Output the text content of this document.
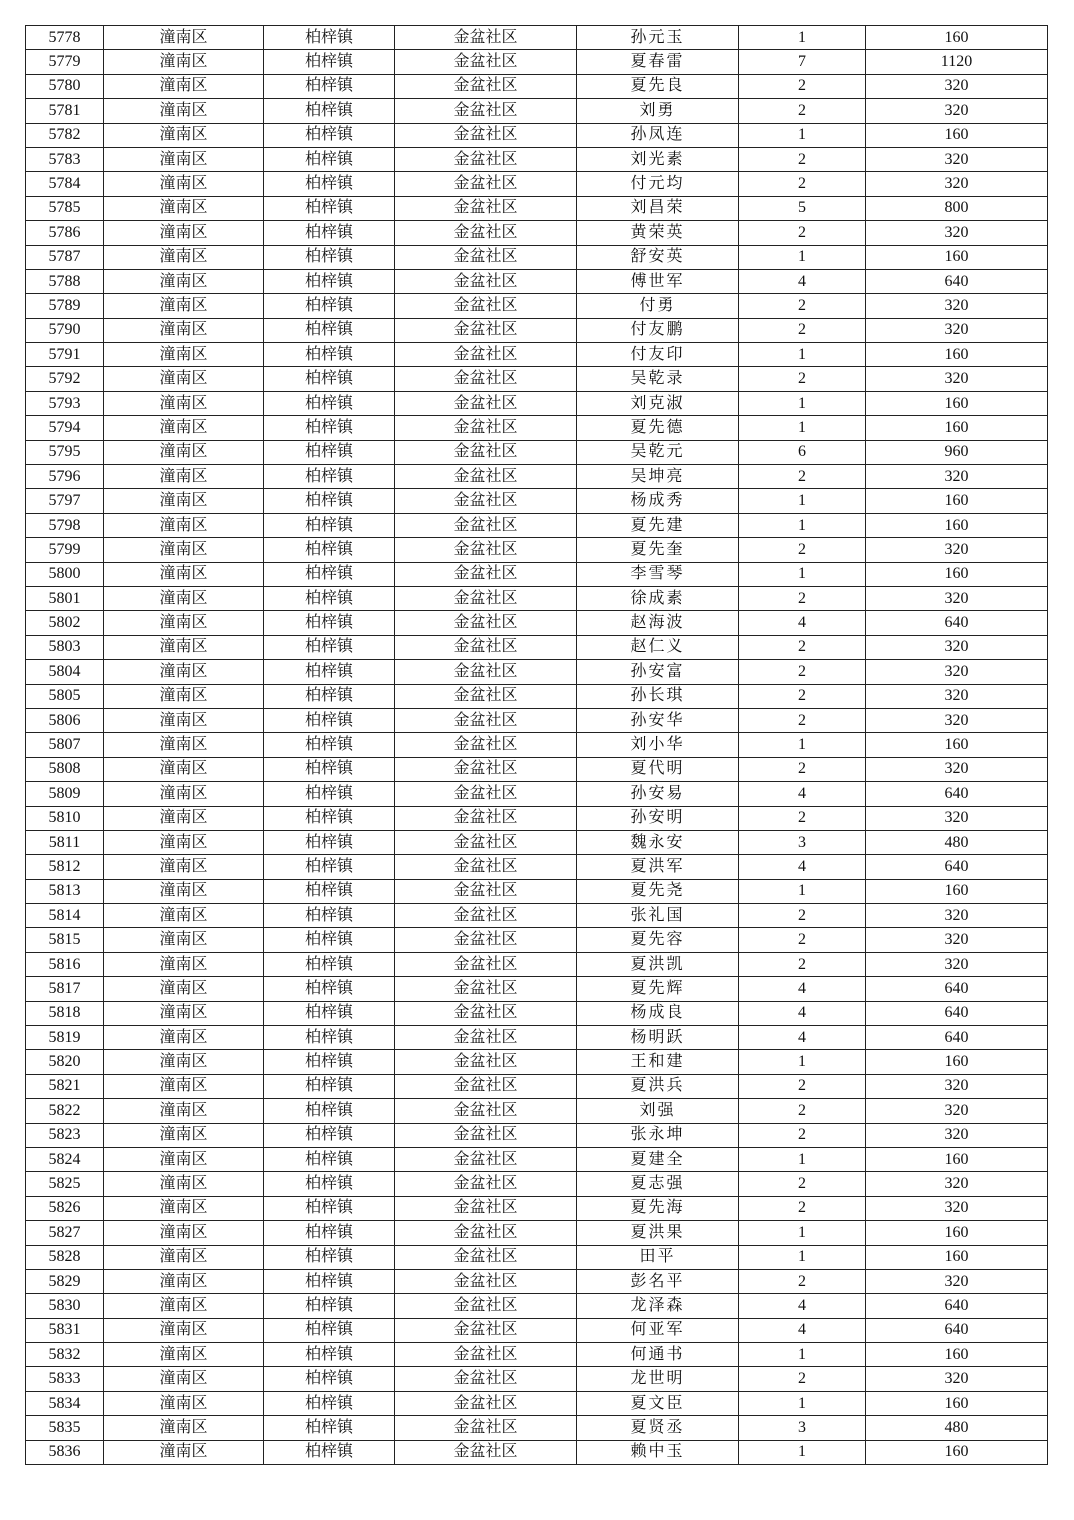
5778	潼南区	柏梓镇	金盆社区	孙元玉	1	160
5779	潼南区	柏梓镇	金盆社区	夏春雷	7	1120
5780	潼南区	柏梓镇	金盆社区	夏先良	2	320
5781	潼南区	柏梓镇	金盆社区	刘勇	2	320
5782	潼南区	柏梓镇	金盆社区	孙凤连	1	160
5783	潼南区	柏梓镇	金盆社区	刘光素	2	320
5784	潼南区	柏梓镇	金盆社区	付元均	2	320
5785	潼南区	柏梓镇	金盆社区	刘昌荣	5	800
5786	潼南区	柏梓镇	金盆社区	黄荣英	2	320
5787	潼南区	柏梓镇	金盆社区	舒安英	1	160
5788	潼南区	柏梓镇	金盆社区	傅世军	4	640
5789	潼南区	柏梓镇	金盆社区	付勇	2	320
5790	潼南区	柏梓镇	金盆社区	付友鹏	2	320
5791	潼南区	柏梓镇	金盆社区	付友印	1	160
5792	潼南区	柏梓镇	金盆社区	吴乾录	2	320
5793	潼南区	柏梓镇	金盆社区	刘克淑	1	160
5794	潼南区	柏梓镇	金盆社区	夏先德	1	160
5795	潼南区	柏梓镇	金盆社区	吴乾元	6	960
5796	潼南区	柏梓镇	金盆社区	吴坤亮	2	320
5797	潼南区	柏梓镇	金盆社区	杨成秀	1	160
5798	潼南区	柏梓镇	金盆社区	夏先建	1	160
5799	潼南区	柏梓镇	金盆社区	夏先奎	2	320
5800	潼南区	柏梓镇	金盆社区	李雪琴	1	160
5801	潼南区	柏梓镇	金盆社区	徐成素	2	320
5802	潼南区	柏梓镇	金盆社区	赵海波	4	640
5803	潼南区	柏梓镇	金盆社区	赵仁义	2	320
5804	潼南区	柏梓镇	金盆社区	孙安富	2	320
5805	潼南区	柏梓镇	金盆社区	孙长琪	2	320
5806	潼南区	柏梓镇	金盆社区	孙安华	2	320
5807	潼南区	柏梓镇	金盆社区	刘小华	1	160
5808	潼南区	柏梓镇	金盆社区	夏代明	2	320
5809	潼南区	柏梓镇	金盆社区	孙安易	4	640
5810	潼南区	柏梓镇	金盆社区	孙安明	2	320
5811	潼南区	柏梓镇	金盆社区	魏永安	3	480
5812	潼南区	柏梓镇	金盆社区	夏洪军	4	640
5813	潼南区	柏梓镇	金盆社区	夏先尧	1	160
5814	潼南区	柏梓镇	金盆社区	张礼国	2	320
5815	潼南区	柏梓镇	金盆社区	夏先容	2	320
5816	潼南区	柏梓镇	金盆社区	夏洪凯	2	320
5817	潼南区	柏梓镇	金盆社区	夏先辉	4	640
5818	潼南区	柏梓镇	金盆社区	杨成良	4	640
5819	潼南区	柏梓镇	金盆社区	杨明跃	4	640
5820	潼南区	柏梓镇	金盆社区	王和建	1	160
5821	潼南区	柏梓镇	金盆社区	夏洪兵	2	320
5822	潼南区	柏梓镇	金盆社区	刘强	2	320
5823	潼南区	柏梓镇	金盆社区	张永坤	2	320
5824	潼南区	柏梓镇	金盆社区	夏建全	1	160
5825	潼南区	柏梓镇	金盆社区	夏志强	2	320
5826	潼南区	柏梓镇	金盆社区	夏先海	2	320
5827	潼南区	柏梓镇	金盆社区	夏洪果	1	160
5828	潼南区	柏梓镇	金盆社区	田平	1	160
5829	潼南区	柏梓镇	金盆社区	彭名平	2	320
5830	潼南区	柏梓镇	金盆社区	龙泽森	4	640
5831	潼南区	柏梓镇	金盆社区	何亚军	4	640
5832	潼南区	柏梓镇	金盆社区	何通书	1	160
5833	潼南区	柏梓镇	金盆社区	龙世明	2	320
5834	潼南区	柏梓镇	金盆社区	夏文臣	1	160
5835	潼南区	柏梓镇	金盆社区	夏贤丞	3	480
5836	潼南区	柏梓镇	金盆社区	赖中玉	1	160
